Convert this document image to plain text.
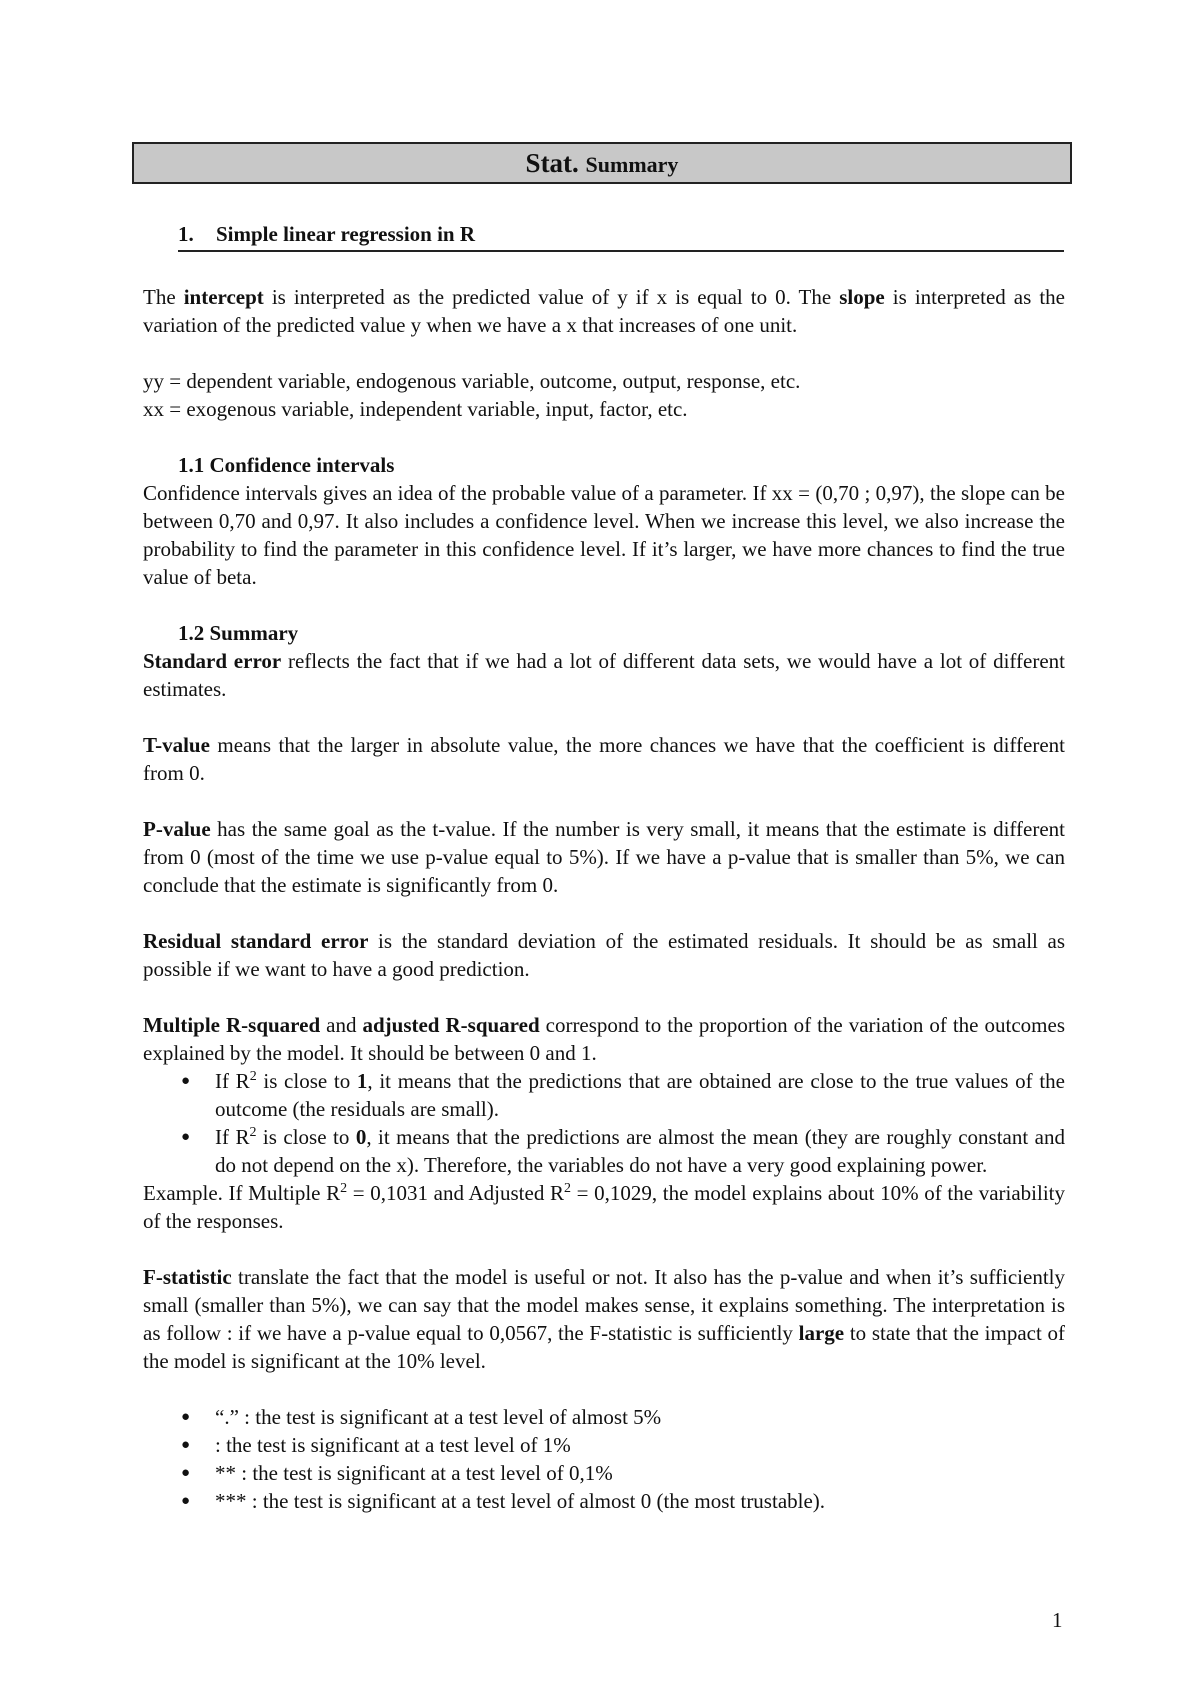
Stat. Summary
1. Simple linear regression in R

The intercept is interpreted as the predicted value of y if x is equal to 0. The slope is interpreted as the variation of the predicted value y when we have a x that increases of one unit.

yy = dependent variable, endogenous variable, outcome, output, response, etc.

xx = exogenous variable, independent variable, input, factor, etc.

1.1 Confidence intervals

Confidence intervals gives an idea of the probable value of a parameter. If xx = (0,70 ; 0,97), the slope can be between 0,70 and 0,97. It also includes a confidence level. When we increase this level, we also increase the probability to find the parameter in this confidence level. If it’s larger, we have more chances to find the true value of beta.

1.2 Summary

Standard error reflects the fact that if we had a lot of different data sets, we would have a lot of different estimates.

T-value means that the larger in absolute value, the more chances we have that the coefficient is different from 0.

P-value has the same goal as the t-value. If the number is very small, it means that the estimate is different from 0 (most of the time we use p-value equal to 5%). If we have a p-value that is smaller than 5%, we can conclude that the estimate is significantly from 0.

Residual standard error is the standard deviation of the estimated residuals. It should be as small as possible if we want to have a good prediction.

Multiple R-squared and adjusted R-squared correspond to the proportion of the variation of the outcomes explained by the model. It should be between 0 and 1.

● If $R^2$ is close to 1, it means that the predictions that are obtained are close to the true values of the outcome (the residuals are small).
● If $R^2$ is close to 0, it means that the predictions are almost the mean (they are roughly constant and do not depend on the x). Therefore, the variables do not have a very good explaining power.

Example. If Multiple $R^2 = 0,1031$ and Adjusted $R^2 = 0,1029$, the model explains about 10% of the variability of the responses.

F-statistic translate the fact that the model is useful or not. It also has the p-value and when it’s sufficiently small (smaller than 5%), we can say that the model makes sense, it explains something. The interpretation is as follow : if we have a p-value equal to 0,0567, the F-statistic is sufficiently large to state that the impact of the model is significant at the 10% level.

● “.” : the test is significant at a test level of almost 5%
● : the test is significant at a test level of 1%
● ** : the test is significant at a test level of 0,1%
● *** : the test is significant at a test level of almost 0 (the most trustable).
1
